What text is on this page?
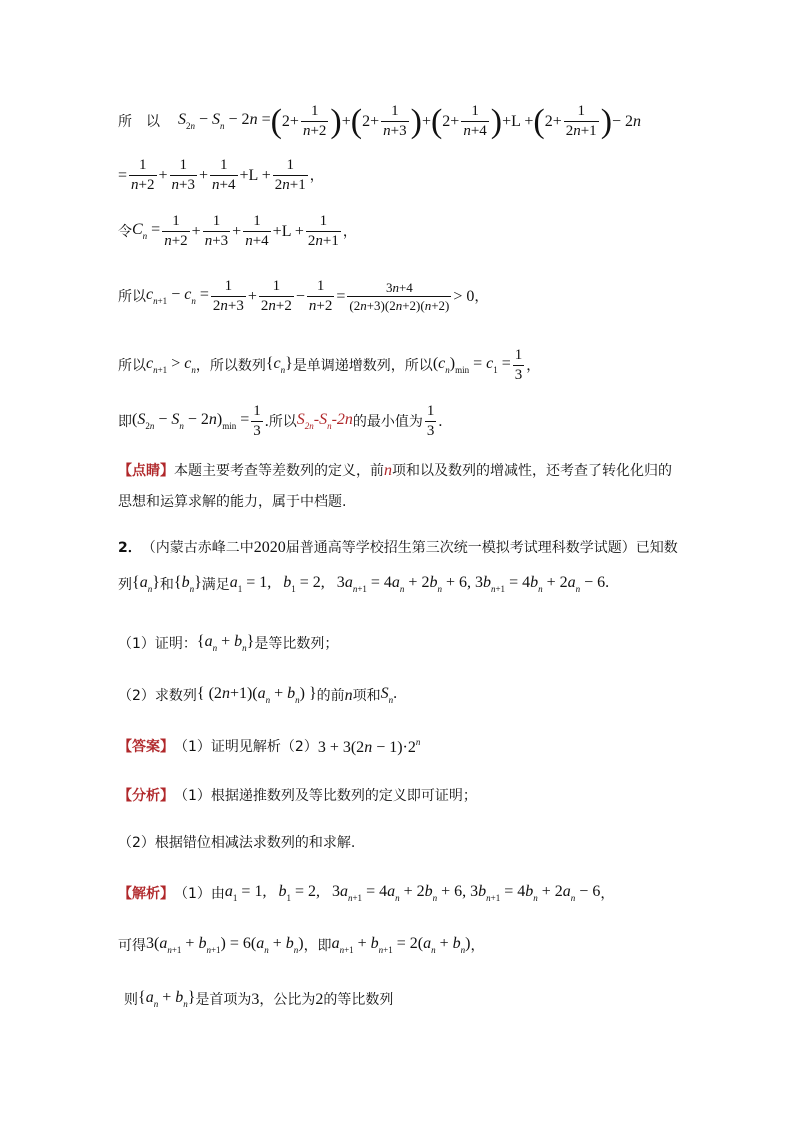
所　以 $S_{2n} - S_n - 2n$ = ( $2+ \frac{1}{n+2}$ ) + ( $2+ \frac{1}{n+3}$ ) + ( $2+ \frac{1}{n+4}$ ) +L + ( $2+ \frac{1}{2n+1}$ ) − 2n
= $\frac{1}{n+2} + \frac{1}{n+3} + \frac{1}{n+4} +L + \frac{1}{2n+1}$ ，
令 $C_n = \frac{1}{n+2} + \frac{1}{n+3} + \frac{1}{n+4} +L + \frac{1}{2n+1}$ ，
所以 $c_{n+1} - c_n = \frac{1}{2n+3} + \frac{1}{2n+2} - \frac{1}{n+2} = \frac{3n+4}{(2n+3)(2n+2)(n+2)} > 0$ ，
所以 $c_{n+1} > c_n$ ，所以数列 $\{c_n\}$ 是单调递增数列，所以 $(c_n)_{min} = c_1 = \frac{1}{3}$ ，
即 $(S_{2n} - S_n - 2n)_{min} = \frac{1}{3}$ . 所以 $S_{2n}-S_n-2n$ 的最小值为 $\frac{1}{3}$ .
【点睛】 本题主要考查等差数列的定义，前 n 项和以及数列的增减性，还考查了转化化归的
思想和运算求解的能力，属于中档题.
2． （内蒙古赤峰二中 2020 届普通高等学校招生第三次统一模拟考试理科数学试题）已知数
列 $\{a_n\}$ 和 $\{b_n\}$ 满足 $a_1 = 1$,   $b_1 = 2$,   $3a_{n+1} = 4a_n + 2b_n + 6$, $3b_{n+1} = 4b_n + 2a_n - 6$.
（1）证明： $\{a_n + b_n\}$ 是等比数列；
（2）求数列 { $(2n+1)(a_n + b_n)$ } 的前 n 项和 $S_n$.
【答案】 （1）证明见解析（2） $3 + 3(2n - 1)\cdot 2^n$
【分析】 （1）根据递推数列及等比数列的定义即可证明；
（2）根据错位相减法求数列的和求解.
【解析】 （1）由 $a_1 = 1$,   $b_1 = 2$,   $3a_{n+1} = 4a_n + 2b_n + 6$, $3b_{n+1} = 4b_n + 2a_n - 6$ ，
可得 $3(a_{n+1} + b_{n+1}) = 6(a_n + b_n)$ ，即 $a_{n+1} + b_{n+1} = 2(a_n + b_n)$ ，
则 $\{a_n + b_n\}$ 是首项为 3 ，公比为 2 的等比数列
